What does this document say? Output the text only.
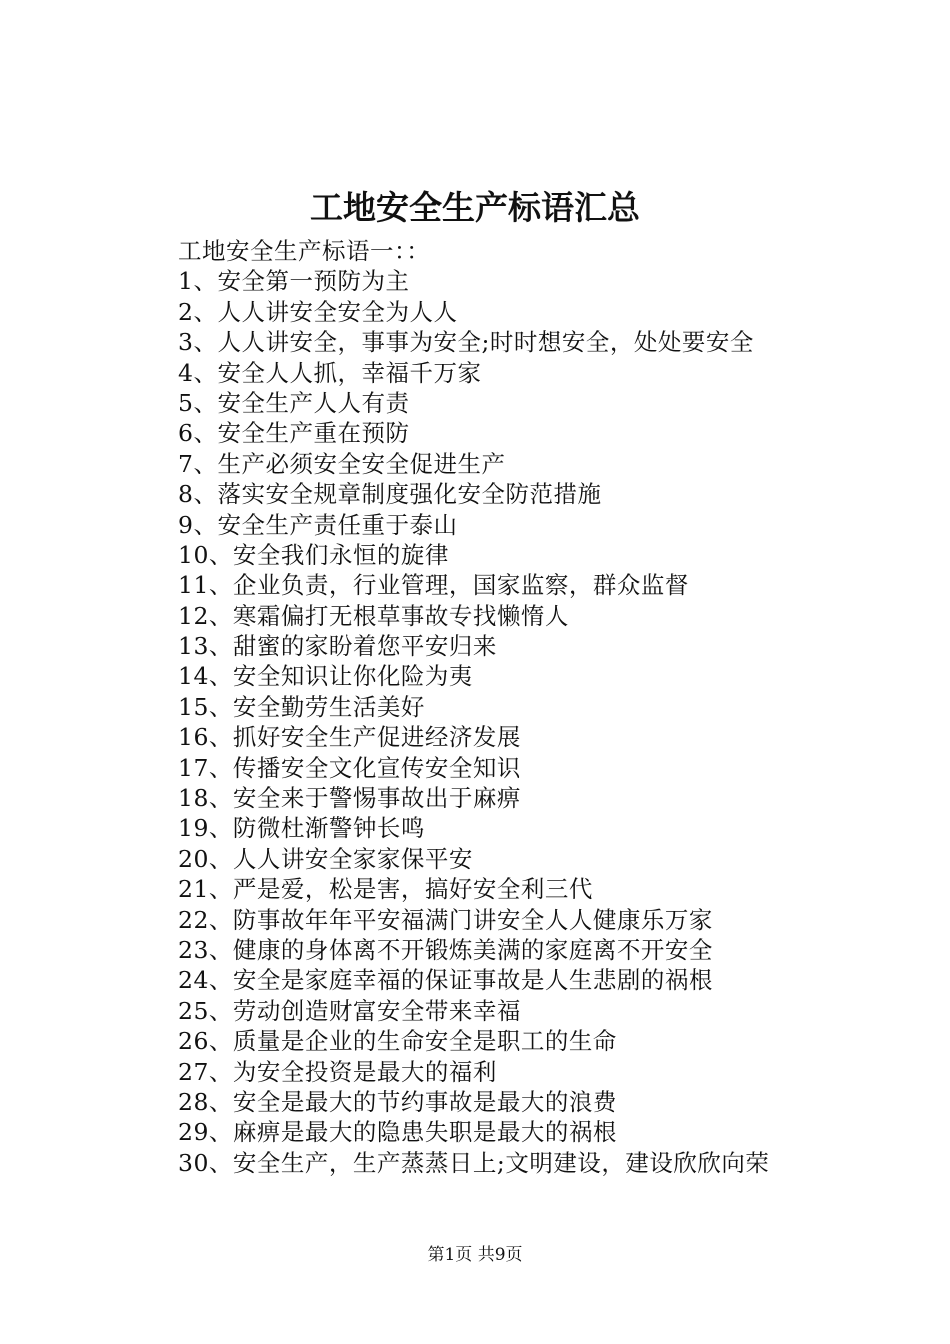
工地安全生产标语汇总
工地安全生产标语一：：
1、安全第一预防为主
2、人人讲安全安全为人人
3、人人讲安全，事事为安全;时时想安全，处处要安全
4、安全人人抓，幸福千万家
5、安全生产人人有责
6、安全生产重在预防
7、生产必须安全安全促进生产
8、落实安全规章制度强化安全防范措施
9、安全生产责任重于泰山
10、安全我们永恒的旋律
11、企业负责，行业管理，国家监察，群众监督
12、寒霜偏打无根草事故专找懒惰人
13、甜蜜的家盼着您平安归来
14、安全知识让你化险为夷
15、安全勤劳生活美好
16、抓好安全生产促进经济发展
17、传播安全文化宣传安全知识
18、安全来于警惕事故出于麻痹
19、防微杜渐警钟长鸣
20、人人讲安全家家保平安
21、严是爱，松是害，搞好安全利三代
22、防事故年年平安福满门讲安全人人健康乐万家
23、健康的身体离不开锻炼美满的家庭离不开安全
24、安全是家庭幸福的保证事故是人生悲剧的祸根
25、劳动创造财富安全带来幸福
26、质量是企业的生命安全是职工的生命
27、为安全投资是最大的福利
28、安全是最大的节约事故是最大的浪费
29、麻痹是最大的隐患失职是最大的祸根
30、安全生产，生产蒸蒸日上;文明建设，建设欣欣向荣
第1页 共9页
